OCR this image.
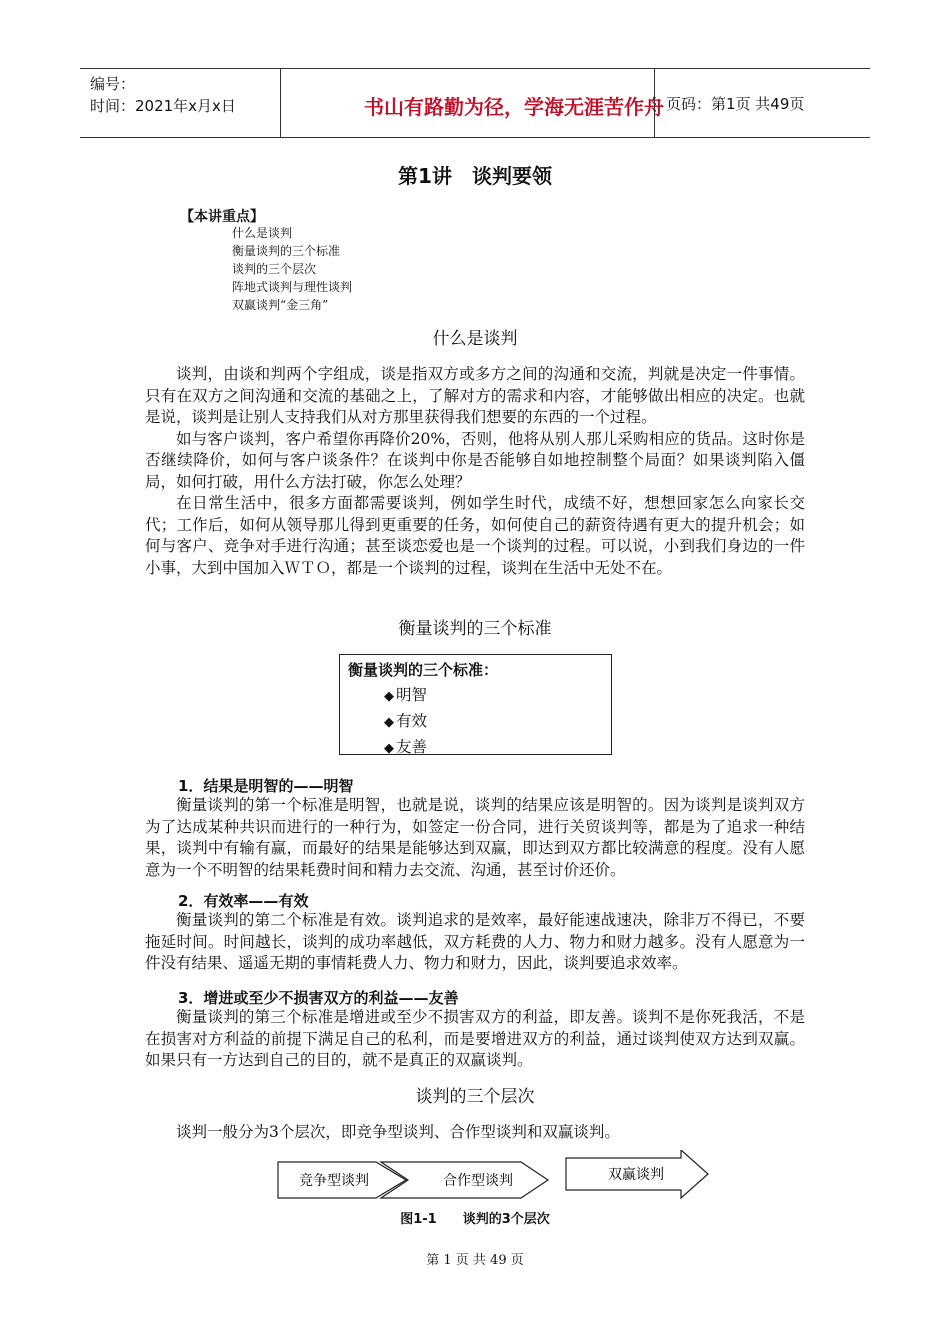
编号：
时间：2021年x月x日	书山有路勤为径，学海无涯苦作舟 页码：第1页 共49页
第1讲　谈判要领
【本讲重点】
什么是谈判
衡量谈判的三个标准
谈判的三个层次
阵地式谈判与理性谈判
双赢谈判“金三角”
什么是谈判

谈判，由谈和判两个字组成，谈是指双方或多方之间的沟通和交流，判就是决定一件事情。只有在双方之间沟通和交流的基础之上，了解对方的需求和内容，才能够做出相应的决定。也就是说，谈判是让别人支持我们从对方那里获得我们想要的东西的一个过程。

如与客户谈判，客户希望你再降价20%，否则，他将从别人那儿采购相应的货品。这时你是否继续降价，如何与客户谈条件？在谈判中你是否能够自如地控制整个局面？如果谈判陷入僵局，如何打破，用什么方法打破，你怎么处理？

在日常生活中，很多方面都需要谈判，例如学生时代，成绩不好，想想回家怎么向家长交代；工作后，如何从领导那儿得到更重要的任务，如何使自己的薪资待遇有更大的提升机会；如何与客户、竞争对手进行沟通；甚至谈恋爱也是一个谈判的过程。可以说，小到我们身边的一件小事，大到中国加入ＷＴＯ，都是一个谈判的过程，谈判在生活中无处不在。

衡量谈判的三个标准
衡量谈判的三个标准：
◆ 明智
◆ 有效
◆ 友善
1．结果是明智的——明智

衡量谈判的第一个标准是明智，也就是说，谈判的结果应该是明智的。因为谈判是谈判双方为了达成某种共识而进行的一种行为，如签定一份合同，进行关贸谈判等，都是为了追求一种结果，谈判中有输有赢，而最好的结果是能够达到双赢，即达到双方都比较满意的程度。没有人愿意为一个不明智的结果耗费时间和精力去交流、沟通，甚至讨价还价。

2．有效率——有效

衡量谈判的第二个标准是有效。谈判追求的是效率，最好能速战速决，除非万不得已，不要拖延时间。时间越长，谈判的成功率越低，双方耗费的人力、物力和财力越多。没有人愿意为一件没有结果、遥遥无期的事情耗费人力、物力和财力，因此，谈判要追求效率。

3．增进或至少不损害双方的利益——友善

衡量谈判的第三个标准是增进或至少不损害双方的利益，即友善。谈判不是你死我活，不是在损害对方利益的前提下满足自己的私利，而是要增进双方的利益，通过谈判使双方达到双赢。如果只有一方达到自己的目的，就不是真正的双赢谈判。

谈判的三个层次

谈判一般分为3个层次，即竞争型谈判、合作型谈判和双赢谈判。

竞争型谈判	合作型谈判	双赢谈判
图1-1　　谈判的3个层次
第 1 页 共 49 页
